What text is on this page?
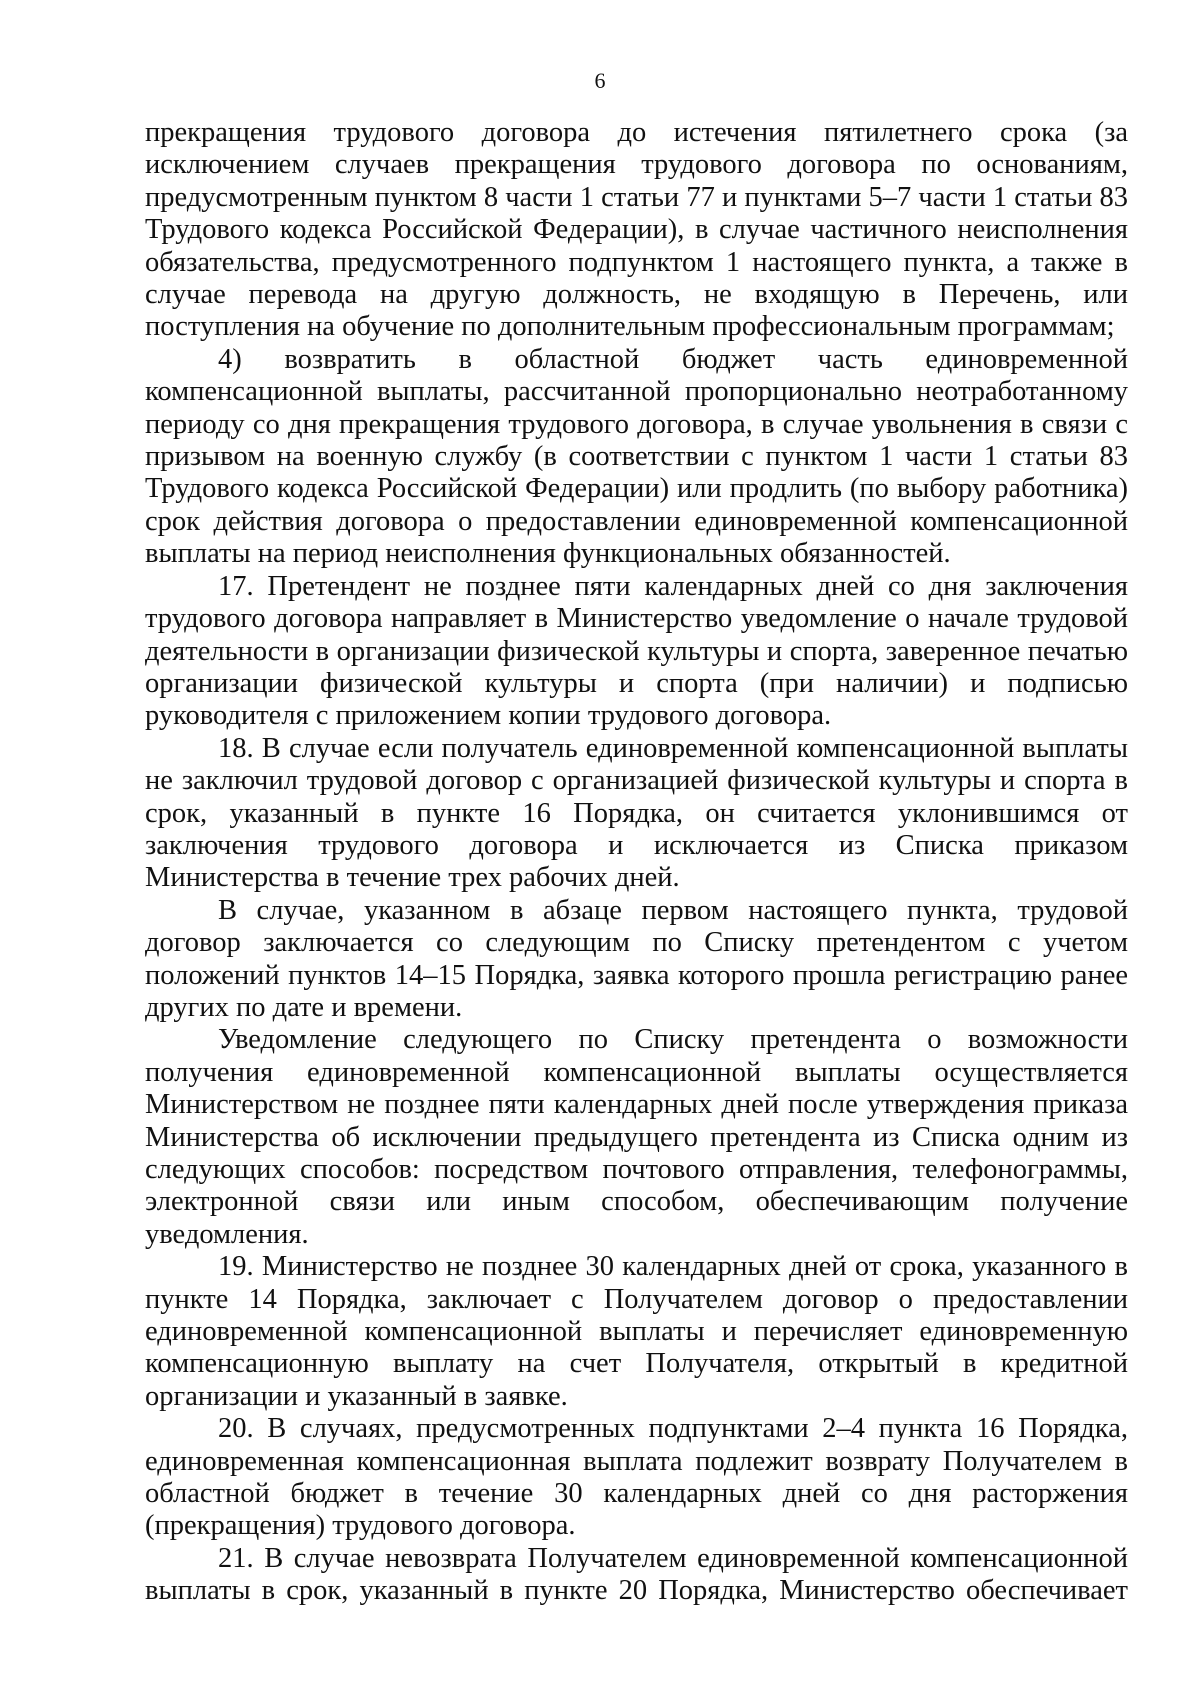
6

прекращения трудового договора до истечения пятилетнего срока (за исключением случаев прекращения трудового договора по основаниям, предусмотренным пунктом 8 части 1 статьи 77 и пунктами 5–7 части 1 статьи 83 Трудового кодекса Российской Федерации), в случае частичного неисполнения обязательства, предусмотренного подпунктом 1 настоящего пункта, а также в случае перевода на другую должность, не входящую в Перечень, или поступления на обучение по дополнительным профессиональным программам;

4) возвратить в областной бюджет часть единовременной компенсационной выплаты, рассчитанной пропорционально неотработанному периоду со дня прекращения трудового договора, в случае увольнения в связи с призывом на военную службу (в соответствии с пунктом 1 части 1 статьи 83 Трудового кодекса Российской Федерации) или продлить (по выбору работника) срок действия договора о предоставлении единовременной компенсационной выплаты на период неисполнения функциональных обязанностей.

17. Претендент не позднее пяти календарных дней со дня заключения трудового договора направляет в Министерство уведомление о начале трудовой деятельности в организации физической культуры и спорта, заверенное печатью организации физической культуры и спорта (при наличии) и подписью руководителя с приложением копии трудового договора.

18. В случае если получатель единовременной компенсационной выплаты не заключил трудовой договор с организацией физической культуры и спорта в срок, указанный в пункте 16 Порядка, он считается уклонившимся от заключения трудового договора и исключается из Списка приказом Министерства в течение трех рабочих дней.

В случае, указанном в абзаце первом настоящего пункта, трудовой договор заключается со следующим по Списку претендентом с учетом положений пунктов 14–15 Порядка, заявка которого прошла регистрацию ранее других по дате и времени.

Уведомление следующего по Списку претендента о возможности получения единовременной компенсационной выплаты осуществляется Министерством не позднее пяти календарных дней после утверждения приказа Министерства об исключении предыдущего претендента из Списка одним из следующих способов: посредством почтового отправления, телефонограммы, электронной связи или иным способом, обеспечивающим получение уведомления.

19. Министерство не позднее 30 календарных дней от срока, указанного в пункте 14 Порядка, заключает с Получателем договор о предоставлении единовременной компенсационной выплаты и перечисляет единовременную компенсационную выплату на счет Получателя, открытый в кредитной организации и указанный в заявке.

20. В случаях, предусмотренных подпунктами 2–4 пункта 16 Порядка, единовременная компенсационная выплата подлежит возврату Получателем в областной бюджет в течение 30 календарных дней со дня расторжения (прекращения) трудового договора.

21. В случае невозврата Получателем единовременной компенсационной выплаты в срок, указанный в пункте 20 Порядка, Министерство обеспечивает
